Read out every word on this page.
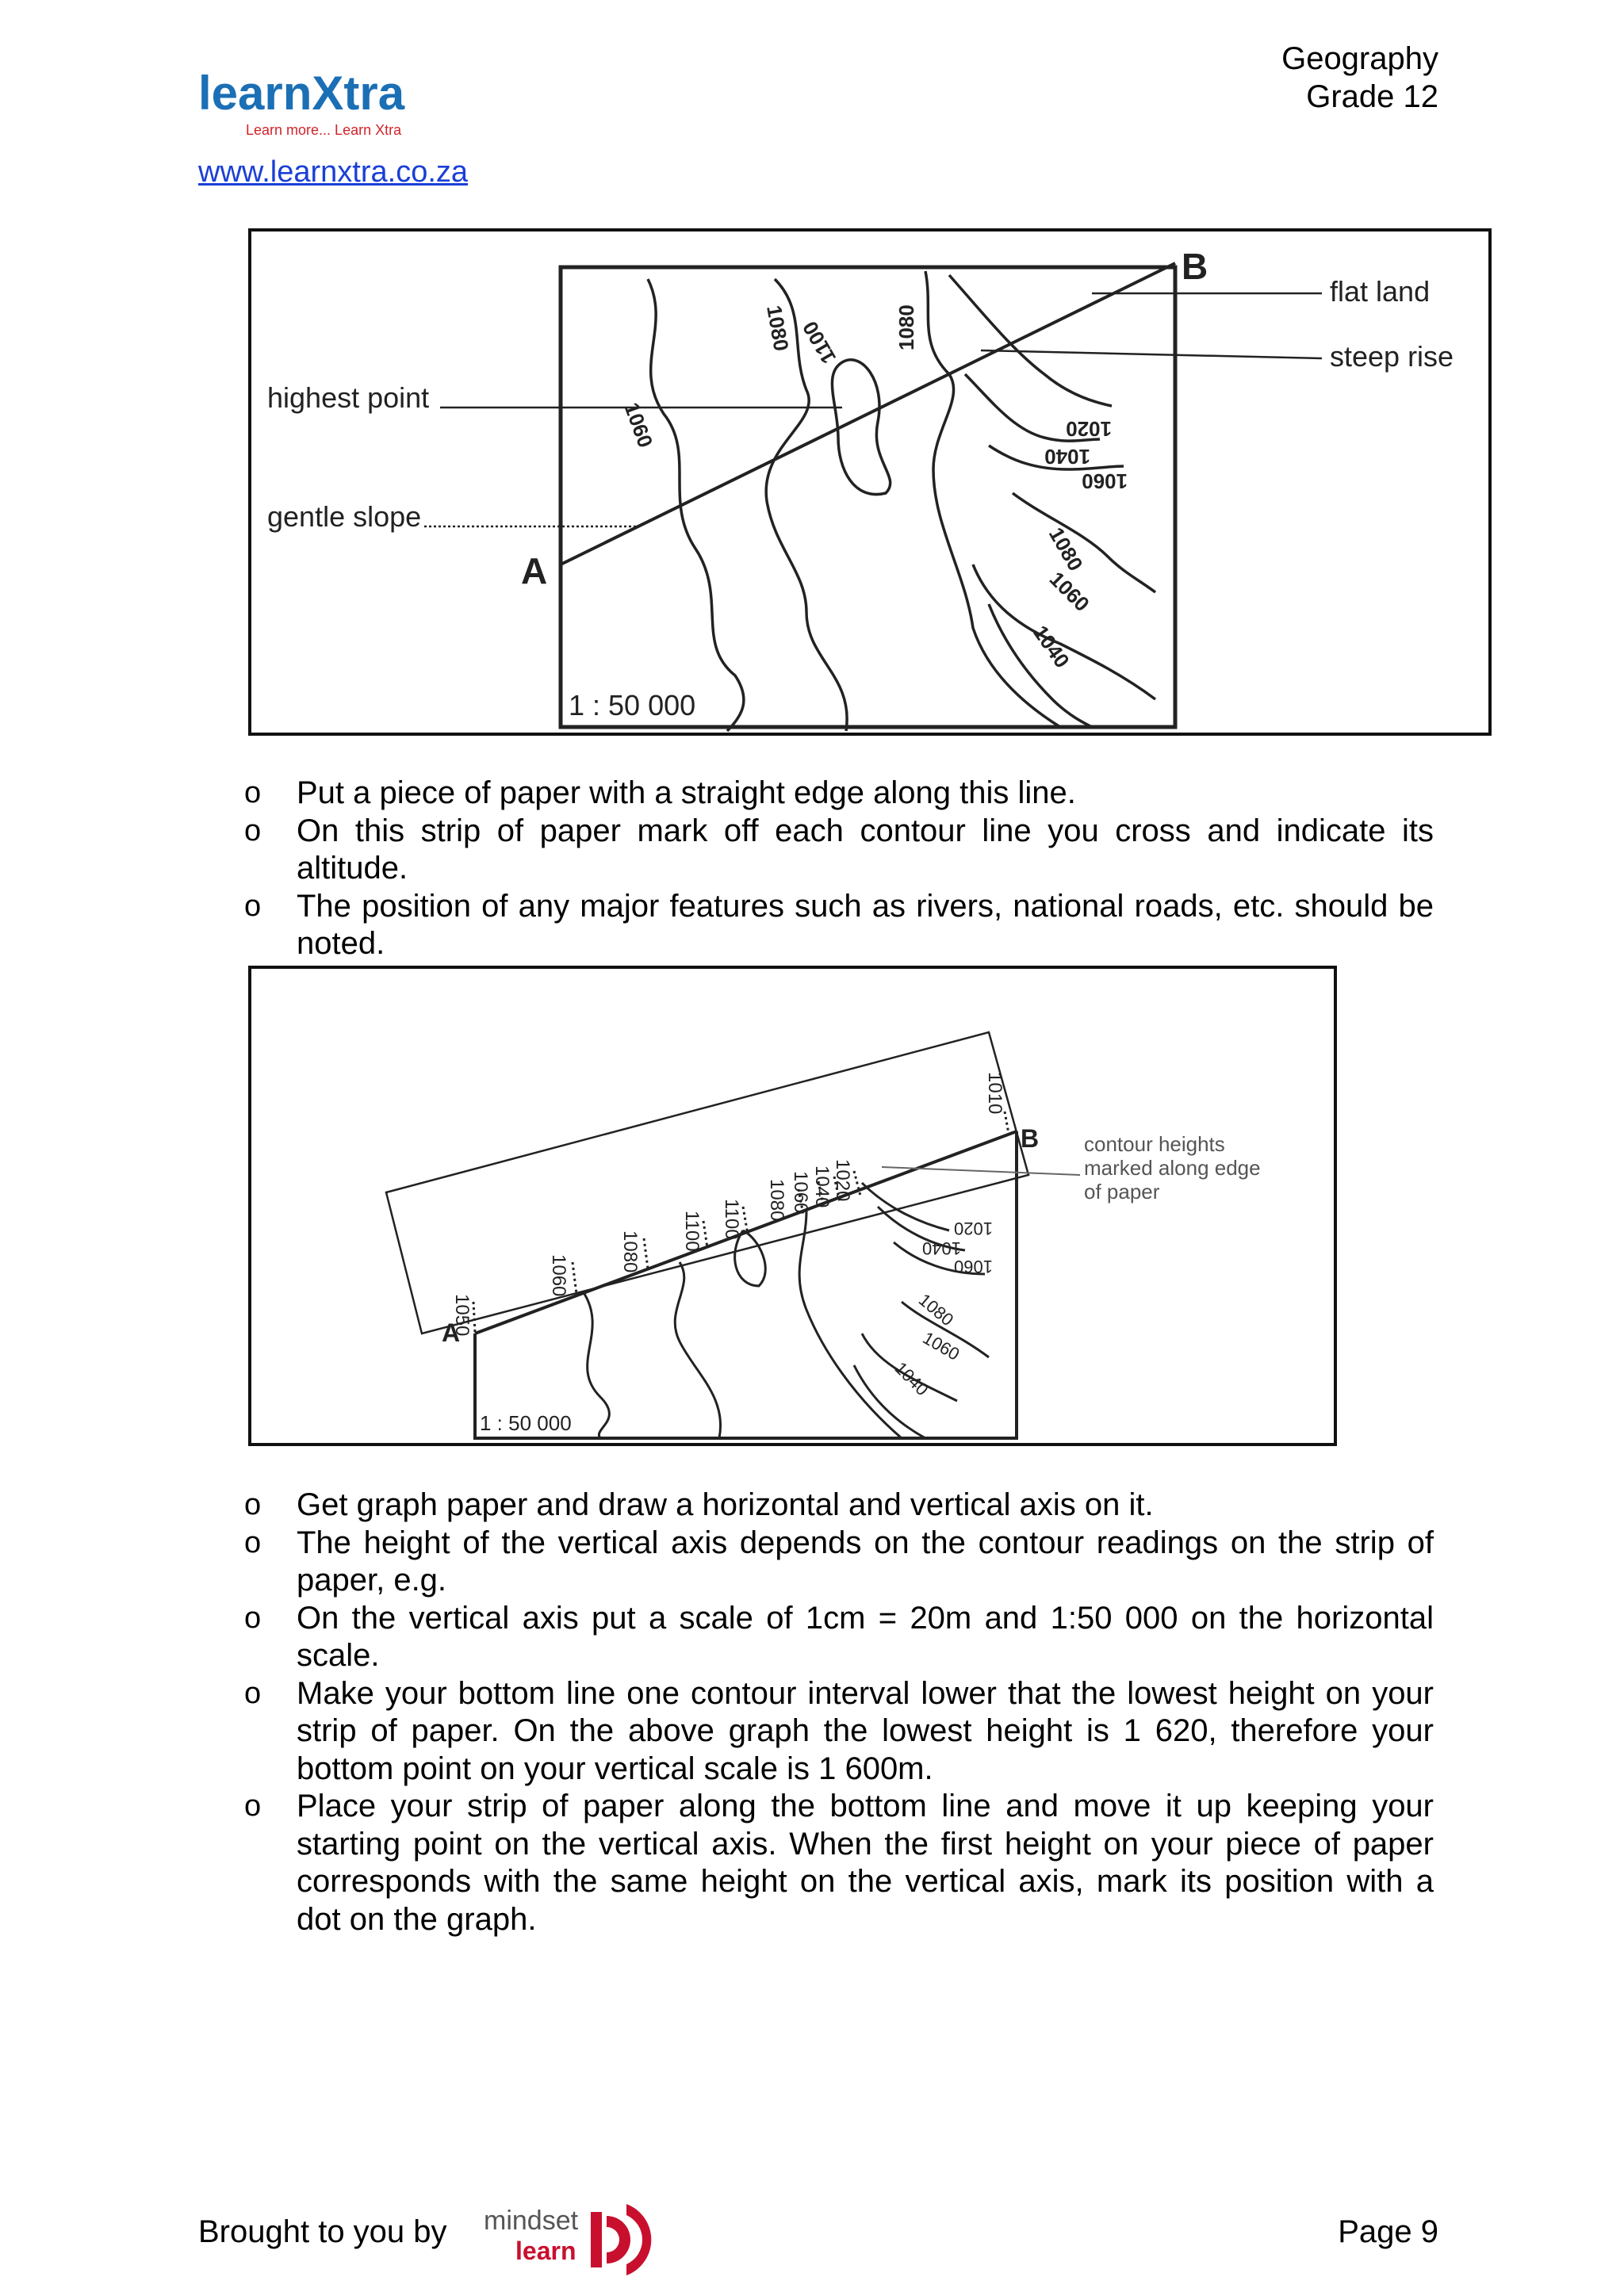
learnXtra
Learn more... Learn Xtra
www.learnxtra.co.za
Geography
Grade 12
1060
1080 1100	1080
1020
1040
1060
1080
1060
1040
highest point
gentle slope
flat land
steep rise
A
B
1 : 50 000
o Put a piece of paper with a straight edge along this line.
o On this strip of paper mark off each contour line you cross and indicate its altitude.
o The position of any major features such as rivers, national roads, etc. should be noted.
1050
1060
1080 1100 1100 1080 1060 1040 1020
1010
1020
1040
1060
1080
1060
1040
contour heights
marked along edge
of paper
A
B
1 : 50 000
o Get graph paper and draw a horizontal and vertical axis on it.
o The height of the vertical axis depends on the contour readings on the strip of paper, e.g.
o On the vertical axis put a scale of 1cm = 20m and 1:50 000 on the horizontal scale.
o Make your bottom line one contour interval lower that the lowest height on your strip of paper. On the above graph the lowest height is 1 620, therefore your bottom point on your vertical scale is 1 600m.
o Place your strip of paper along the bottom line and move it up keeping your starting point on the vertical axis. When the first height on your piece of paper corresponds with the same height on the vertical axis, mark its position with a dot on the graph.
Brought to you by mindset
learn
Page 9
